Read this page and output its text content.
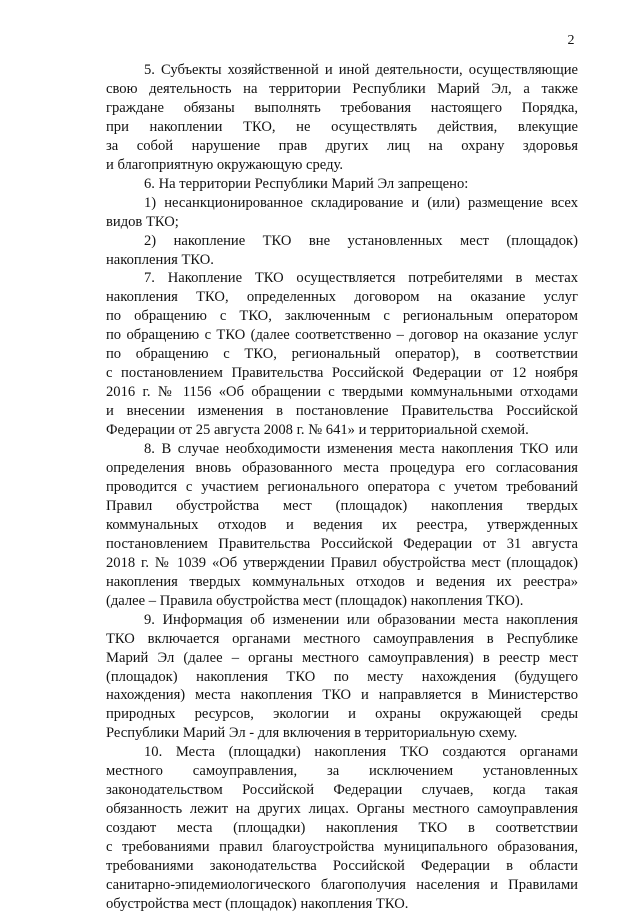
2

5. Субъекты хозяйственной и иной деятельности, осуществляющие
свою деятельность на территории Республики Марий Эл, а также
граждане обязаны выполнять требования настоящего Порядка,
при накоплении ТКО, не осуществлять действия, влекущие
за собой нарушение прав других лиц на охрану здоровья
и благоприятную окружающую среду.

6. На территории Республики Марий Эл запрещено:

1) несанкционированное складирование и (или) размещение всех
видов ТКО;

2) накопление ТКО вне установленных мест (площадок)
накопления ТКО.

7. Накопление ТКО осуществляется потребителями в местах
накопления ТКО, определенных договором на оказание услуг
по обращению с ТКО, заключенным с региональным оператором
по обращению с ТКО (далее соответственно – договор на оказание услуг
по обращению с ТКО, региональный оператор), в соответствии
с постановлением Правительства Российской Федерации от 12 ноября
2016 г. № 1156 «Об обращении с твердыми коммунальными отходами
и внесении изменения в постановление Правительства Российской
Федерации от 25 августа 2008 г. № 641» и территориальной схемой.

8. В случае необходимости изменения места накопления ТКО или
определения вновь образованного места процедура его согласования
проводится с участием регионального оператора с учетом требований
Правил обустройства мест (площадок) накопления твердых
коммунальных отходов и ведения их реестра, утвержденных
постановлением Правительства Российской Федерации от 31 августа
2018 г. № 1039 «Об утверждении Правил обустройства мест (площадок)
накопления твердых коммунальных отходов и ведения их реестра»
(далее – Правила обустройства мест (площадок) накопления ТКО).

9. Информация об изменении или образовании места накопления
ТКО включается органами местного самоуправления в Республике
Марий Эл (далее – органы местного самоуправления) в реестр мест
(площадок) накопления ТКО по месту нахождения (будущего
нахождения) места накопления ТКО и направляется в Министерство
природных ресурсов, экологии и охраны окружающей среды
Республики Марий Эл - для включения в территориальную схему.

10. Места (площадки) накопления ТКО создаются органами
местного самоуправления, за исключением установленных
законодательством Российской Федерации случаев, когда такая
обязанность лежит на других лицах. Органы местного самоуправления
создают места (площадки) накопления ТКО в соответствии
с требованиями правил благоустройства муниципального образования,
требованиями законодательства Российской Федерации в области
санитарно-эпидемиологического благополучия населения и Правилами
обустройства мест (площадок) накопления ТКО.
